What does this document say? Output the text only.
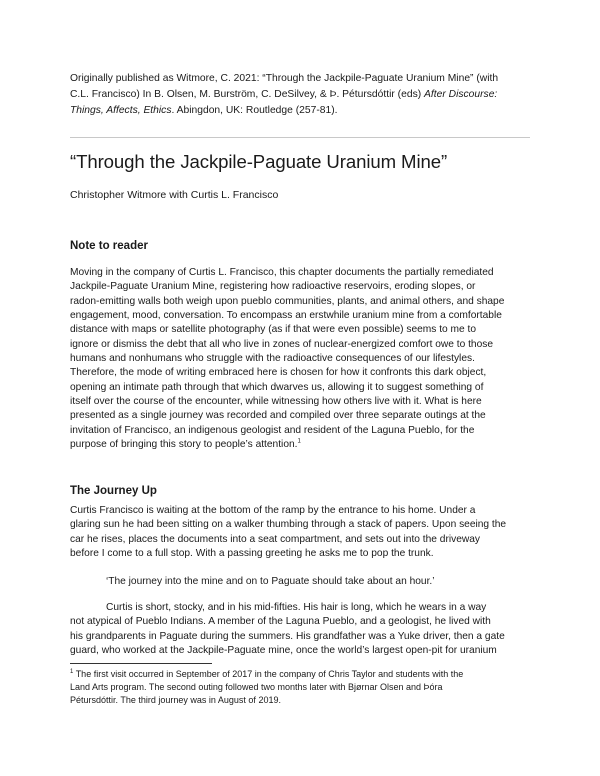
Originally published as Witmore, C. 2021: “Through the Jackpile-Paguate Uranium Mine” (with
C.L. Francisco) In B. Olsen, M. Burström, C. DeSilvey, & Þ. Pétursdóttir (eds) After Discourse:
Things, Affects, Ethics. Abingdon, UK: Routledge (257-81).
“Through the Jackpile-Paguate Uranium Mine”
Christopher Witmore with Curtis L. Francisco
Note to reader
Moving in the company of Curtis L. Francisco, this chapter documents the partially remediated
Jackpile-Paguate Uranium Mine, registering how radioactive reservoirs, eroding slopes, or
radon-emitting walls both weigh upon pueblo communities, plants, and animal others, and shape
engagement, mood, conversation. To encompass an erstwhile uranium mine from a comfortable
distance with maps or satellite photography (as if that were even possible) seems to me to
ignore or dismiss the debt that all who live in zones of nuclear-energized comfort owe to those
humans and nonhumans who struggle with the radioactive consequences of our lifestyles.
Therefore, the mode of writing embraced here is chosen for how it confronts this dark object,
opening an intimate path through that which dwarves us, allowing it to suggest something of
itself over the course of the encounter, while witnessing how others live with it. What is here
presented as a single journey was recorded and compiled over three separate outings at the
invitation of Francisco, an indigenous geologist and resident of the Laguna Pueblo, for the
purpose of bringing this story to people’s attention.$^1$
The Journey Up
Curtis Francisco is waiting at the bottom of the ramp by the entrance to his home. Under a
glaring sun he had been sitting on a walker thumbing through a stack of papers. Upon seeing the
car he rises, places the documents into a seat compartment, and sets out into the driveway
before I come to a full stop. With a passing greeting he asks me to pop the trunk.
‘The journey into the mine and on to Paguate should take about an hour.’
Curtis is short, stocky, and in his mid-fifties. His hair is long, which he wears in a way
not atypical of Pueblo Indians. A member of the Laguna Pueblo, and a geologist, he lived with
his grandparents in Paguate during the summers. His grandfather was a Yuke driver, then a gate
guard, who worked at the Jackpile-Paguate mine, once the world’s largest open-pit for uranium
$^1$ The first visit occurred in September of 2017 in the company of Chris Taylor and students with the
Land Arts program. The second outing followed two months later with Bjørnar Olsen and Þóra
Pétursdóttir. The third journey was in August of 2019.
